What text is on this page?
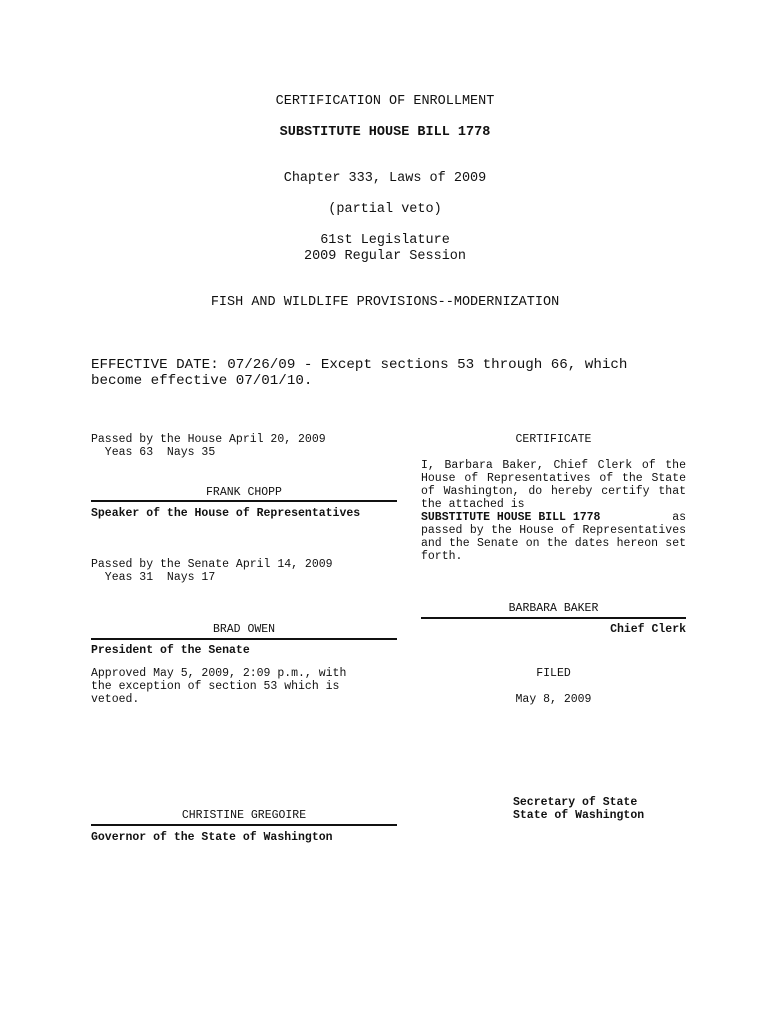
CERTIFICATION OF ENROLLMENT
SUBSTITUTE HOUSE BILL 1778
Chapter 333, Laws of 2009
(partial veto)
61st Legislature
2009 Regular Session
FISH AND WILDLIFE PROVISIONS--MODERNIZATION
EFFECTIVE DATE: 07/26/09 - Except sections 53 through 66, which
become effective 07/01/10.
Passed by the House April 20, 2009
Yeas 63  Nays 35
FRANK CHOPP
Speaker of the House of Representatives
Passed by the Senate April 14, 2009
Yeas 31  Nays 17
BRAD OWEN
President of the Senate
Approved May 5, 2009, 2:09 p.m., with
the exception of section 53 which is
vetoed.
CHRISTINE GREGOIRE
Governor of the State of Washington
CERTIFICATE
I, Barbara Baker, Chief Clerk of the House of Representatives of the State of Washington, do hereby certify that the attached is
SUBSTITUTE HOUSE BILL 1778	as
passed by the House of Representatives and the Senate on the dates hereon set forth.
BARBARA BAKER
Chief Clerk
FILED
May 8, 2009
Secretary of State
State of Washington
